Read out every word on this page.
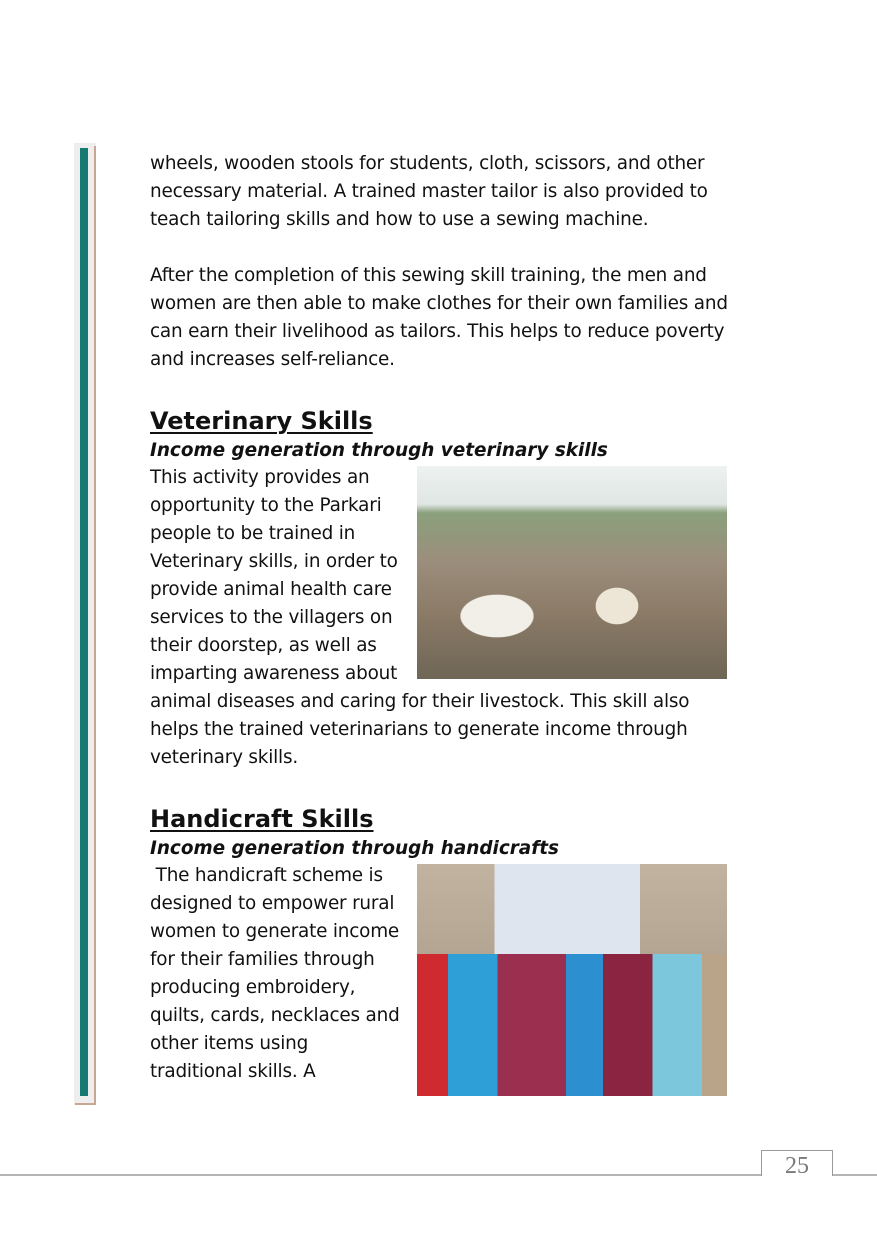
wheels, wooden stools for students, cloth, scissors, and other necessary material. A trained master tailor is also provided to teach tailoring skills and how to use a sewing machine.

After the completion of this sewing skill training, the men and women are then able to make clothes for their own families and can earn their livelihood as tailors. This helps to reduce poverty and increases self-reliance.

Veterinary Skills

Income generation through veterinary skills

This activity provides an opportunity to the Parkari people to be trained in Veterinary skills, in order to provide animal health care services to the villagers on their doorstep, as well as imparting awareness about animal diseases and caring for their livestock. This skill also helps the trained veterinarians to generate income through veterinary skills.

Handicraft Skills

Income generation through handicrafts

The handicraft scheme is designed to empower rural women to generate income for their families through producing embroidery, quilts, cards, necklaces and other items using traditional skills. A

25
